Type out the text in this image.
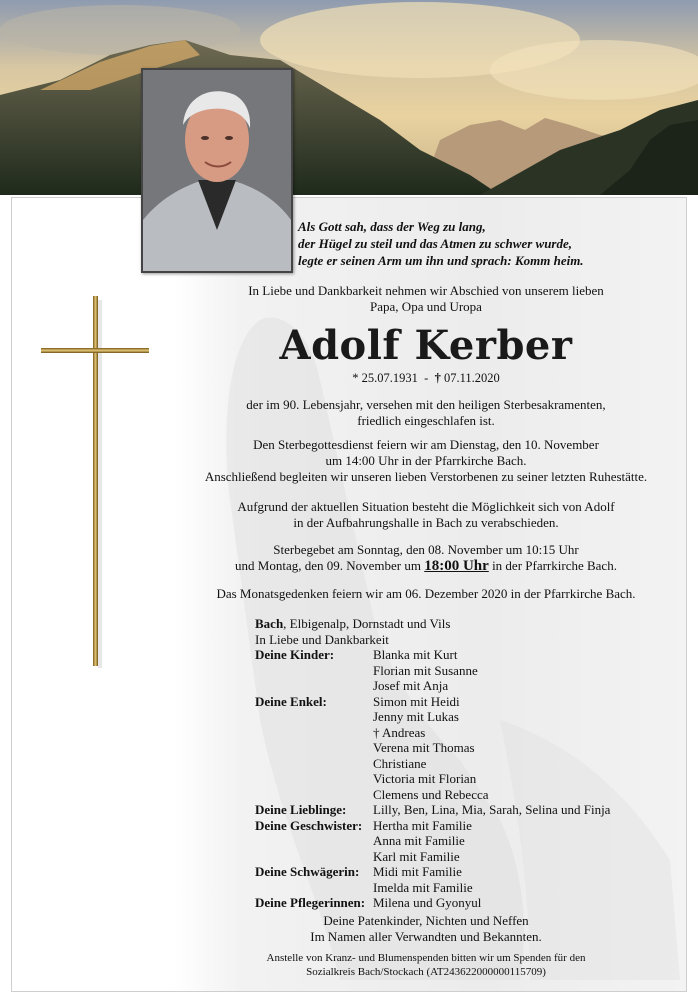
Als Gott sah, dass der Weg zu lang,
der Hügel zu steil und das Atmen zu schwer wurde,
legte er seinen Arm um ihn und sprach: Komm heim.
In Liebe und Dankbarkeit nehmen wir Abschied von unserem lieben
Papa, Opa und Uropa
Adolf Kerber
* 25.07.1931  -  † 07.11.2020
der im 90. Lebensjahr, versehen mit den heiligen Sterbesakramenten,
friedlich eingeschlafen ist.
Den Sterbegottesdienst feiern wir am Dienstag, den 10. November
um 14:00 Uhr in der Pfarrkirche Bach.
Anschließend begleiten wir unseren lieben Verstorbenen zu seiner letzten Ruhestätte.
Aufgrund der aktuellen Situation besteht die Möglichkeit sich von Adolf
in der Aufbahrungshalle in Bach zu verabschieden.
Sterbegebet am Sonntag, den 08. November um 10:15 Uhr
und Montag, den 09. November um 18:00 Uhr in der Pfarrkirche Bach.
Das Monatsgedenken feiern wir am 06. Dezember 2020 in der Pfarrkirche Bach.
Bach, Elbigenalp, Dornstadt und Vils
In Liebe und Dankbarkeit
Deine Kinder:	Blanka mit Kurt
Florian mit Susanne
Josef mit Anja
Deine Enkel:	Simon mit Heidi
Jenny mit Lukas
† Andreas
Verena mit Thomas
Christiane
Victoria mit Florian
Clemens und Rebecca
Deine Lieblinge:	Lilly, Ben, Lina, Mia, Sarah, Selina und Finja
Deine Geschwister: Hertha mit Familie
Anna mit Familie
Karl mit Familie
Deine Schwägerin:	Midi mit Familie
Imelda mit Familie
Deine Pflegerinnen: Milena und Gyonyul
Deine Patenkinder, Nichten und Neffen
Im Namen aller Verwandten und Bekannten.
Anstelle von Kranz- und Blumenspenden bitten wir um Spenden für den
Sozialkreis Bach/Stockach (AT243622000000115709)
